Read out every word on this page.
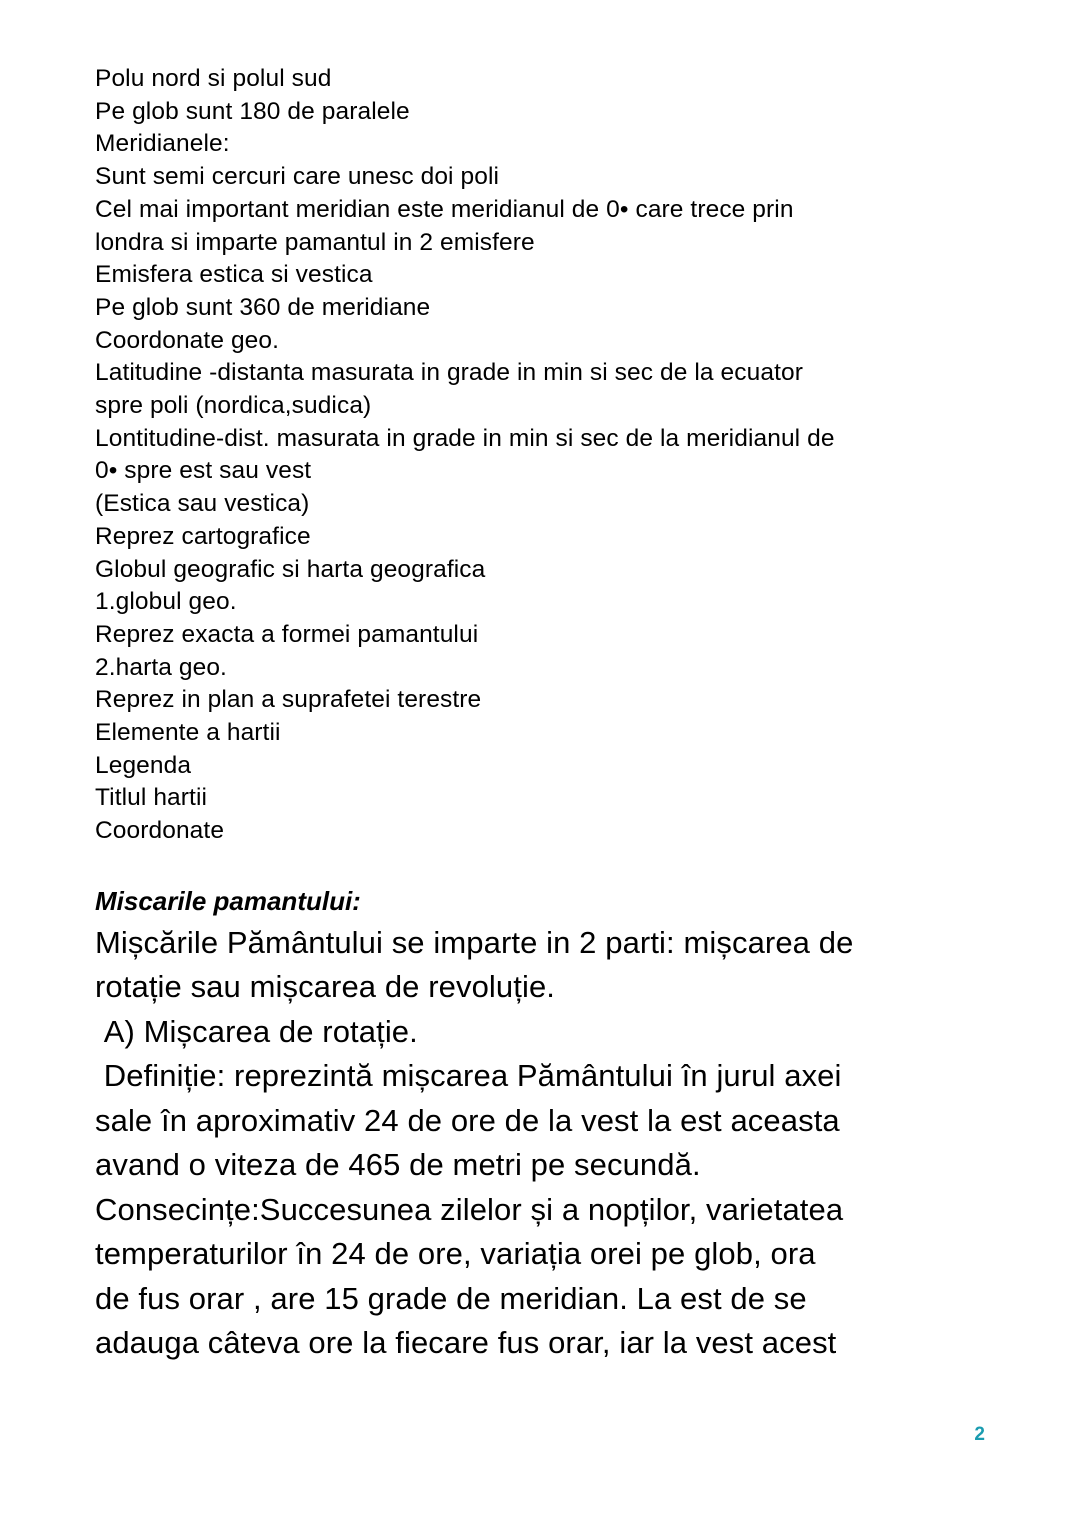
Polu nord si polul sud
Pe glob sunt 180 de paralele
Meridianele:
Sunt semi cercuri care unesc doi poli
Cel mai important meridian este meridianul de 0• care trece prin
londra si imparte pamantul in 2 emisfere
Emisfera estica si vestica
Pe glob sunt 360 de meridiane
Coordonate geo.
Latitudine -distanta masurata in grade in min si sec de la ecuator
spre poli (nordica,sudica)
Lontitudine-dist. masurata in grade in min si sec de la meridianul de
0• spre est sau vest
(Estica sau vestica)
Reprez cartografice
Globul geografic si harta geografica
1.globul geo.
Reprez exacta a formei pamantului
2.harta geo.
Reprez in plan a suprafetei terestre
Elemente a hartii
Legenda
Titlul hartii
Coordonate
Miscarile pamantului:
Mișcările Pământului se imparte in 2 parti: mișcarea de
rotație sau mișcarea de revoluție.
A) Mișcarea de rotație.
Definiție: reprezintă mișcarea Pământului în jurul axei
sale în aproximativ 24 de ore de la vest la est aceasta
avand o viteza de 465 de metri pe secundă.
Consecințe:Succesunea zilelor și a nopților, varietatea
temperaturilor în 24 de ore, variația orei pe glob, ora
de fus orar , are 15 grade de meridian. La est de se
adauga câteva ore la fiecare fus orar, iar la vest acest
2
